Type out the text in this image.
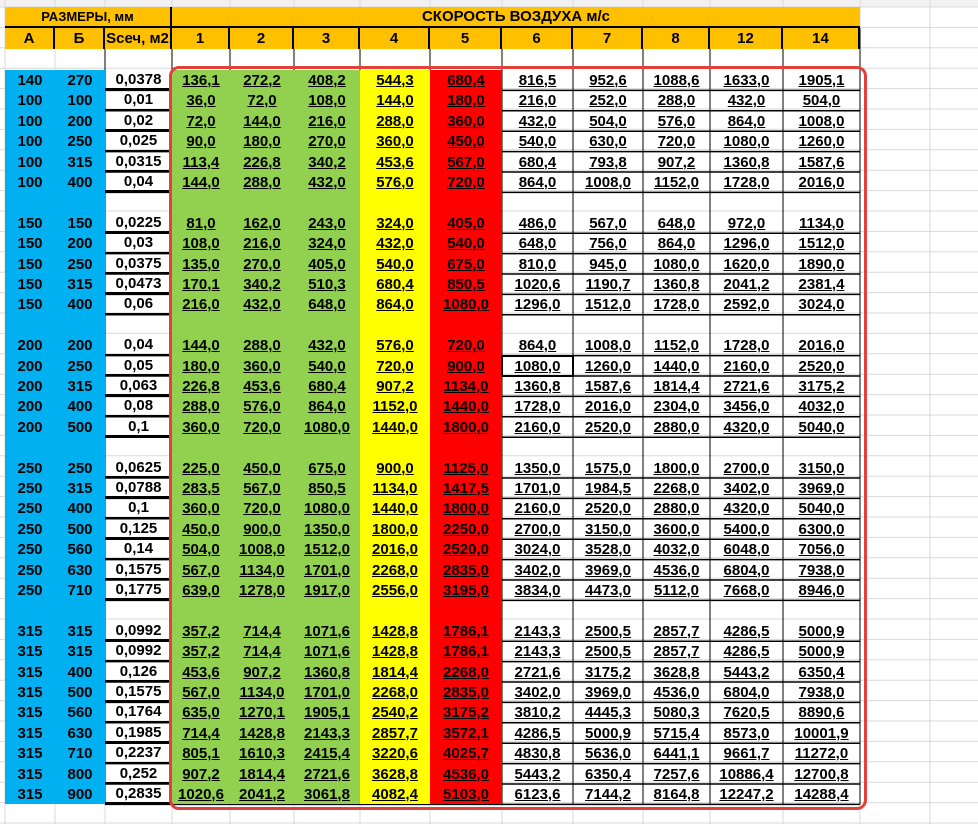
РАЗМЕРЫ, мм	СКОРОСТЬ ВОЗДУХА м/с
А	Б	Sсеч, м2	1	2	3	4	5	6	7	8	12	14
140	270	0,0378	136,1	272,2	408,2	544,3	680,4	816,5	952,6	1088,6	1633,0	1905,1
100	100	0,01	36,0	72,0	108,0	144,0	180,0	216,0	252,0	288,0	432,0	504,0
100	200	0,02	72,0	144,0	216,0	288,0	360,0	432,0	504,0	576,0	864,0	1008,0
100	250	0,025	90,0	180,0	270,0	360,0	450,0	540,0	630,0	720,0	1080,0	1260,0
100	315	0,0315	113,4	226,8	340,2	453,6	567,0	680,4	793,8	907,2	1360,8	1587,6
100	400	0,04	144,0	288,0	432,0	576,0	720,0	864,0	1008,0	1152,0	1728,0	2016,0
150	150	0,0225	81,0	162,0	243,0	324,0	405,0	486,0	567,0	648,0	972,0	1134,0
150	200	0,03	108,0	216,0	324,0	432,0	540,0	648,0	756,0	864,0	1296,0	1512,0
150	250	0,0375	135,0	270,0	405,0	540,0	675,0	810,0	945,0	1080,0	1620,0	1890,0
150	315	0,0473	170,1	340,2	510,3	680,4	850,5	1020,6	1190,7	1360,8	2041,2	2381,4
150	400	0,06	216,0	432,0	648,0	864,0	1080,0	1296,0	1512,0	1728,0	2592,0	3024,0
200	200	0,04	144,0	288,0	432,0	576,0	720,0	864,0	1008,0	1152,0	1728,0	2016,0
200	250	0,05	180,0	360,0	540,0	720,0	900,0	1080,0	1260,0	1440,0	2160,0	2520,0
200	315	0,063	226,8	453,6	680,4	907,2	1134,0	1360,8	1587,6	1814,4	2721,6	3175,2
200	400	0,08	288,0	576,0	864,0	1152,0	1440,0	1728,0	2016,0	2304,0	3456,0	4032,0
200	500	0,1	360,0	720,0	1080,0	1440,0	1800,0	2160,0	2520,0	2880,0	4320,0	5040,0
250	250	0,0625	225,0	450,0	675,0	900,0	1125,0	1350,0	1575,0	1800,0	2700,0	3150,0
250	315	0,0788	283,5	567,0	850,5	1134,0	1417,5	1701,0	1984,5	2268,0	3402,0	3969,0
250	400	0,1	360,0	720,0	1080,0	1440,0	1800,0	2160,0	2520,0	2880,0	4320,0	5040,0
250	500	0,125	450,0	900,0	1350,0	1800,0	2250,0	2700,0	3150,0	3600,0	5400,0	6300,0
250	560	0,14	504,0	1008,0	1512,0	2016,0	2520,0	3024,0	3528,0	4032,0	6048,0	7056,0
250	630	0,1575	567,0	1134,0	1701,0	2268,0	2835,0	3402,0	3969,0	4536,0	6804,0	7938,0
250	710	0,1775	639,0	1278,0	1917,0	2556,0	3195,0	3834,0	4473,0	5112,0	7668,0	8946,0
315	315	0,0992	357,2	714,4	1071,6	1428,8	1786,1	2143,3	2500,5	2857,7	4286,5	5000,9
315	315	0,0992	357,2	714,4	1071,6	1428,8	1786,1	2143,3	2500,5	2857,7	4286,5	5000,9
315	400	0,126	453,6	907,2	1360,8	1814,4	2268,0	2721,6	3175,2	3628,8	5443,2	6350,4
315	500	0,1575	567,0	1134,0	1701,0	2268,0	2835,0	3402,0	3969,0	4536,0	6804,0	7938,0
315	560	0,1764	635,0	1270,1	1905,1	2540,2	3175,2	3810,2	4445,3	5080,3	7620,5	8890,6
315	630	0,1985	714,4	1428,8	2143,3	2857,7	3572,1	4286,5	5000,9	5715,4	8573,0	10001,9
315	710	0,2237	805,1	1610,3	2415,4	3220,6	4025,7	4830,8	5636,0	6441,1	9661,7	11272,0
315	800	0,252	907,2	1814,4	2721,6	3628,8	4536,0	5443,2	6350,4	7257,6	10886,4	12700,8
315	900	0,2835	1020,6	2041,2	3061,8	4082,4	5103,0	6123,6	7144,2	8164,8	12247,2	14288,4
